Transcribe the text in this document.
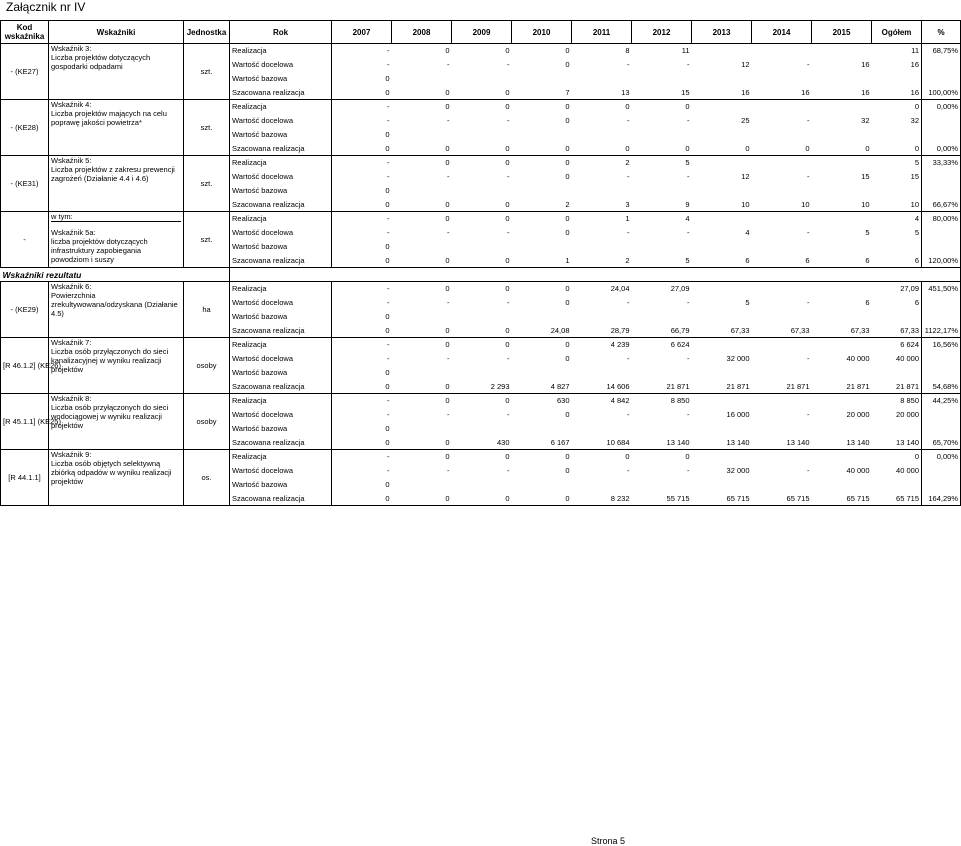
Załącznik nr IV
Kod wskaźnika	Wskaźniki	Jednostka	Rok	2007	2008	2009	2010	2011	2012	2013	2014	2015	Ogółem	%
- (KE27)	Wskaźnik 3:
Liczba projektów dotyczących gospodarki odpadami	szt.	Realizacja	-	0	0	0	8	11				11	68,75%
			Wartość docelowa	-	-	-	0	-	-	12	-	16	16	
			Wartość bazowa	0										
			Szacowana realizacja	0	0	0	7	13	15	16	16	16	16	100,00%
- (KE28)	Wskaźnik 4:
Liczba projektów mających na celu poprawę jakości powietrza*	szt.	Realizacja	-	0	0	0	0	0				0	0,00%
			Wartość docelowa	-	-	-	0	-	-	25	-	32	32	
			Wartość bazowa	0										
			Szacowana realizacja	0	0	0	0	0	0	0	0	0	0	0,00%
- (KE31)	Wskaźnik 5:
Liczba projektów z zakresu prewencji zagrożeń (Działanie 4.4 i 4.6)	szt.	Realizacja	-	0	0	0	2	5				5	33,33%
			Wartość docelowa	-	-	-	0	-	-	12	-	15	15	
			Wartość bazowa	0										
			Szacowana realizacja	0	0	0	2	3	9	10	10	10	10	66,67%
-	w tym:
Wskaźnik 5a:
liczba projektów dotyczących infrastruktury zapobiegania powodziom i suszy	szt.	Realizacja	-	0	0	0	1	4				4	80,00%
			Wartość docelowa	-	-	-	0	-	-	4	-	5	5	
			Wartość bazowa	0										
			Szacowana realizacja	0	0	0	1	2	5	6	6	6	6	120,00%
Wskaźniki rezultatu														
- (KE29)	Wskaźnik 6:
Powierzchnia zrekultywowana/odzyskana (Działanie 4.5)	ha	Realizacja	-	0	0	0	24,04	27,09				27,09	451,50%
			Wartość docelowa	-	-	-	0	-	-	5	-	6	6	
			Wartość bazowa	0										
			Szacowana realizacja	0	0	0	24,08	28,79	66,79	67,33	67,33	67,33	67,33	1122,17%
[R 46.1.2] (KE26)	Wskaźnik 7:
Liczba osób przyłączonych do sieci kanalizacyjnej w wyniku realizacji projektów	osoby	Realizacja	-	0	0	0	4 239	6 624				6 624	16,56%
			Wartość docelowa	-	-	-	0	-	-	32 000	-	40 000	40 000	
			Wartość bazowa	0										
			Szacowana realizacja	0	0	2 293	4 827	14 606	21 871	21 871	21 871	21 871	21 871	54,68%
[R 45.1.1] (KE25)	Wskaźnik 8:
Liczba osób przyłączonych do sieci wodociągowej w wyniku realizacji projektów	osoby	Realizacja	-	0	0	630	4 842	8 850				8 850	44,25%
			Wartość docelowa	-	-	-	0	-	-	16 000	-	20 000	20 000	
			Wartość bazowa	0										
			Szacowana realizacja	0	0	430	6 167	10 684	13 140	13 140	13 140	13 140	13 140	65,70%
[R 44.1.1]	Wskaźnik 9:
Liczba osób objętych selektywną zbiórką odpadów w wyniku realizacji projektów	os.	Realizacja	-	0	0	0	0	0				0	0,00%
			Wartość docelowa	-	-	-	0	-	-	32 000	-	40 000	40 000	
			Wartość bazowa	0										
			Szacowana realizacja	0	0	0	0	8 232	55 715	65 715	65 715	65 715	65 715	164,29%
Strona 5
